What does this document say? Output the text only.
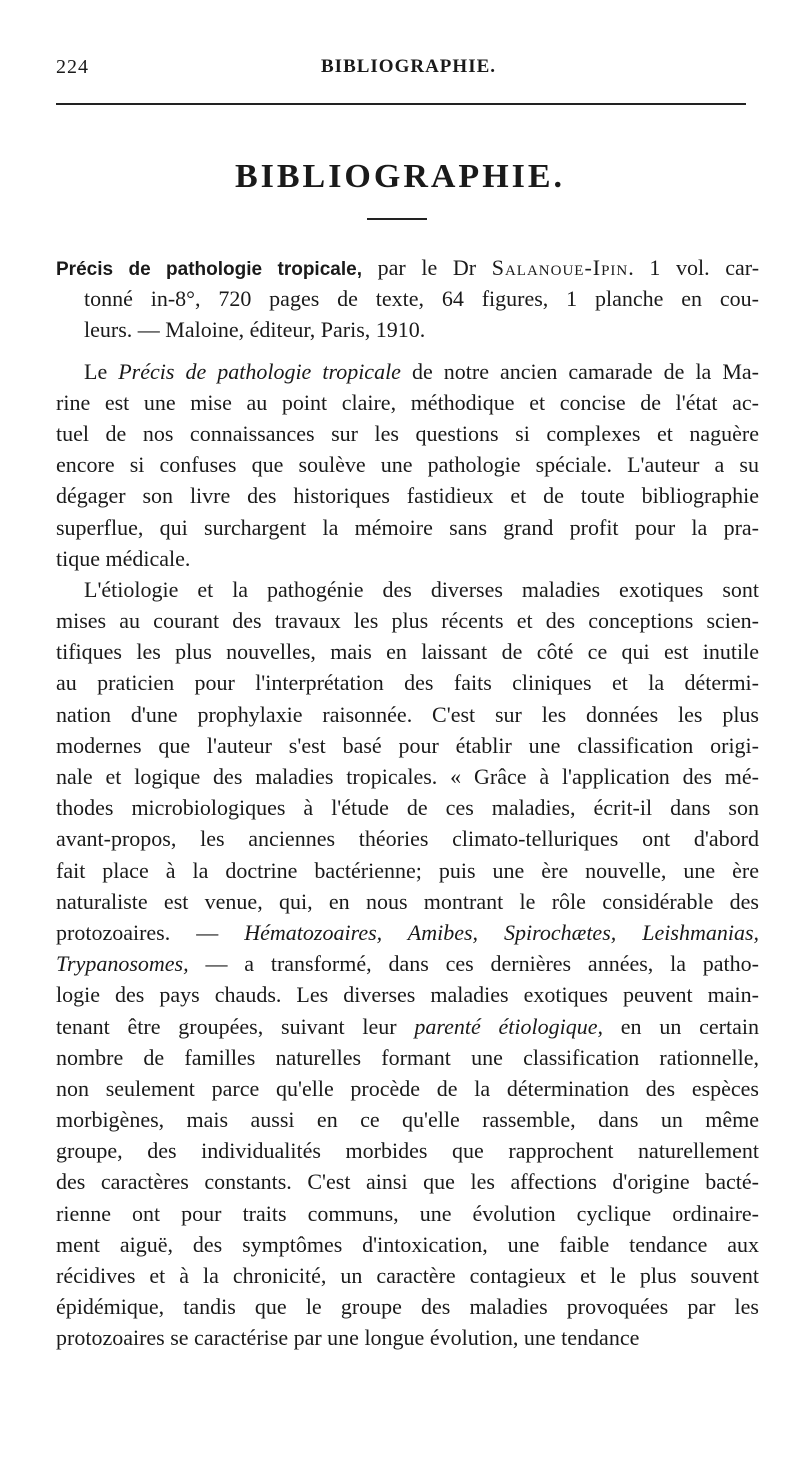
224	BIBLIOGRAPHIE.
BIBLIOGRAPHIE.
Précis de pathologie tropicale, par le Dr Salanoue-Ipin. 1 vol. car-
tonné in-8°, 720 pages de texte, 64 figures, 1 planche en cou-
leurs. — Maloine, éditeur, Paris, 1910.
Le Précis de pathologie tropicale de notre ancien camarade de la Ma-
rine est une mise au point claire, méthodique et concise de l'état ac-
tuel de nos connaissances sur les questions si complexes et naguère
encore si confuses que soulève une pathologie spéciale. L'auteur a su
dégager son livre des historiques fastidieux et de toute bibliographie
superflue, qui surchargent la mémoire sans grand profit pour la pra-
tique médicale.
L'étiologie et la pathogénie des diverses maladies exotiques sont
mises au courant des travaux les plus récents et des conceptions scien-
tifiques les plus nouvelles, mais en laissant de côté ce qui est inutile
au praticien pour l'interprétation des faits cliniques et la détermi-
nation d'une prophylaxie raisonnée. C'est sur les données les plus
modernes que l'auteur s'est basé pour établir une classification origi-
nale et logique des maladies tropicales. « Grâce à l'application des mé-
thodes microbiologiques à l'étude de ces maladies, écrit-il dans son
avant-propos, les anciennes théories climato-telluriques ont d'abord
fait place à la doctrine bactérienne; puis une ère nouvelle, une ère
naturaliste est venue, qui, en nous montrant le rôle considérable des
protozoaires. — Hématozoaires, Amibes, Spirochætes, Leishmanias,
Trypanosomes, — a transformé, dans ces dernières années, la patho-
logie des pays chauds. Les diverses maladies exotiques peuvent main-
tenant être groupées, suivant leur parenté étiologique, en un certain
nombre de familles naturelles formant une classification rationnelle,
non seulement parce qu'elle procède de la détermination des espèces
morbigènes, mais aussi en ce qu'elle rassemble, dans un même
groupe, des individualités morbides que rapprochent naturellement
des caractères constants. C'est ainsi que les affections d'origine bacté-
rienne ont pour traits communs, une évolution cyclique ordinaire-
ment aiguë, des symptômes d'intoxication, une faible tendance aux
récidives et à la chronicité, un caractère contagieux et le plus souvent
épidémique, tandis que le groupe des maladies provoquées par les
protozoaires se caractérise par une longue évolution, une tendance
